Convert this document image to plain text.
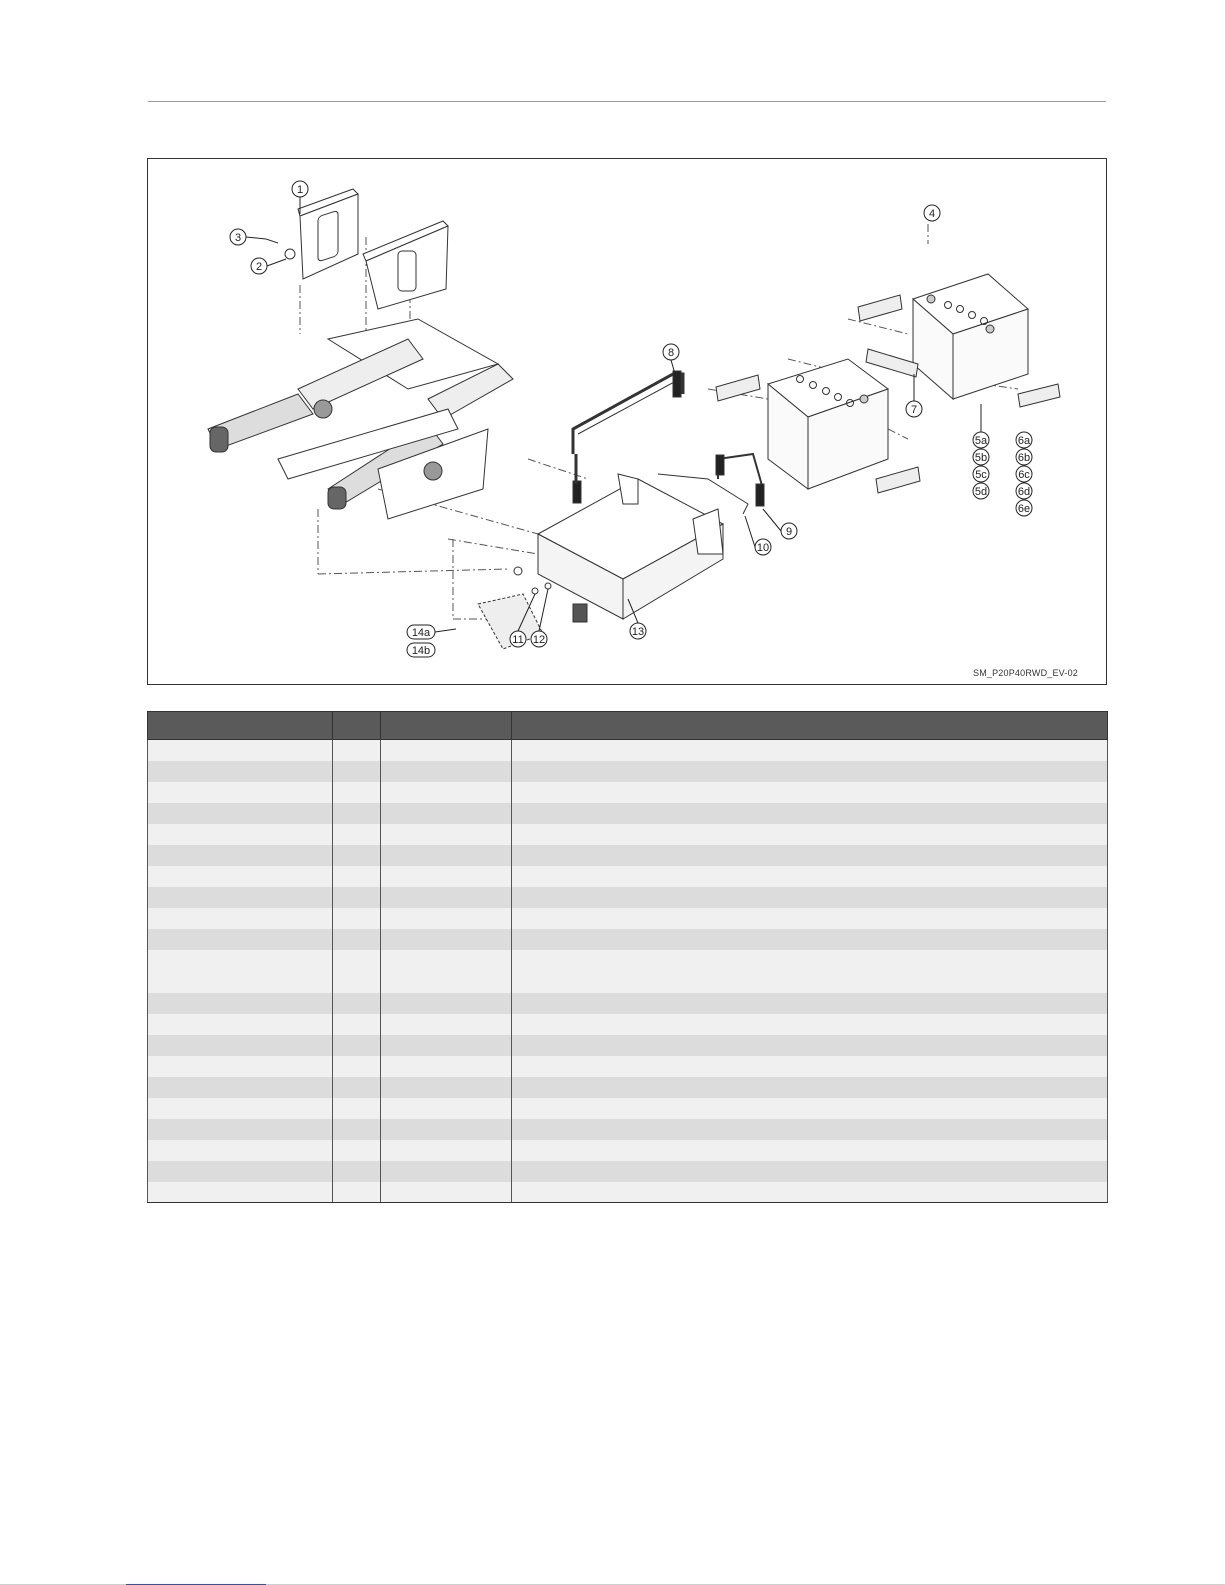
1
2
3
4
5a
5b
5c
5d
6a
6b
6c
6d
6e
7
8
9
10
11 12
13
14a
14b
SM_P20P40RWD_EV-02
